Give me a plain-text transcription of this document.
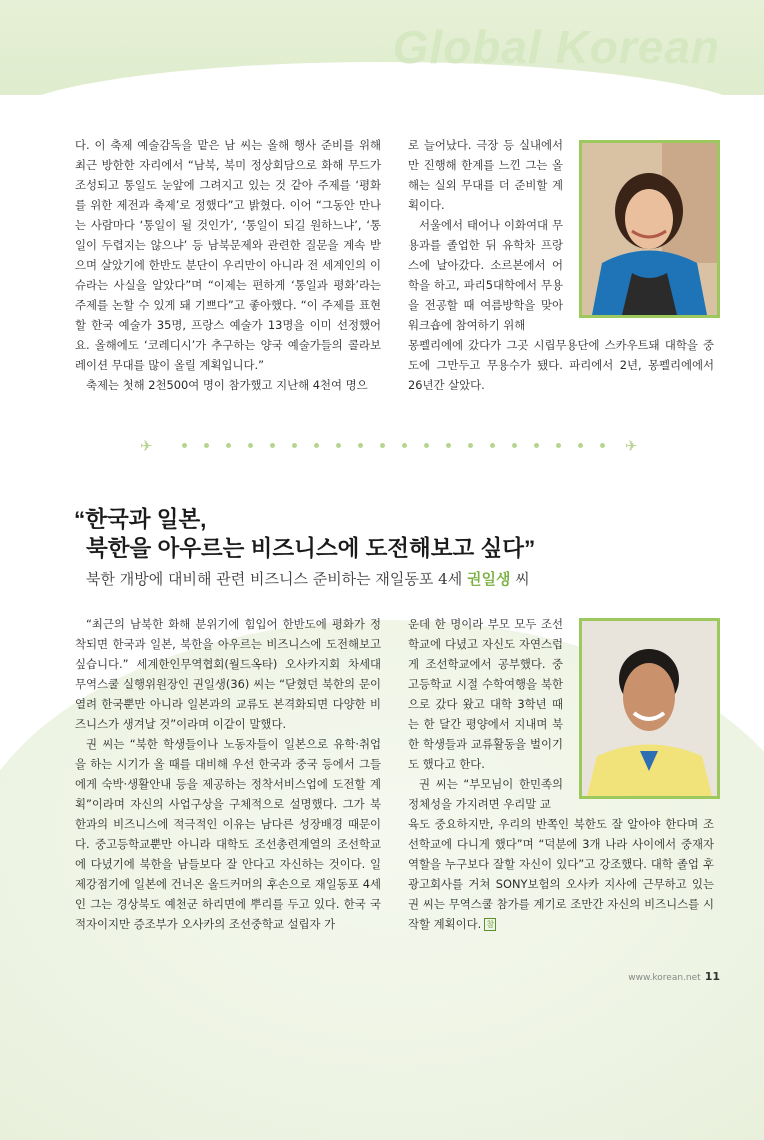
Global Korean

다. 이 축제 예술감독을 맡은 남 씨는 올해 행사 준비를 위해 최근 방한한 자리에서 “남북, 북미 정상회담으로 화해 무드가 조성되고 통일도 눈앞에 그려지고 있는 것 같아 주제를 ‘평화를 위한 제전과 축제’로 정했다”고 밝혔다. 이어 “그동안 만나는 사람마다 ‘통일이 될 것인가’, ‘통일이 되길 원하느냐’, ‘통일이 두렵지는 않으냐’ 등 남북문제와 관련한 질문을 계속 받으며 살았기에 한반도 분단이 우리만이 아니라 전 세계인의 이슈라는 사실을 알았다”며 “이제는 편하게 ‘통일과 평화’라는 주제를 논할 수 있게 돼 기쁘다”고 좋아했다. “이 주제를 표현할 한국 예술가 35명, 프랑스 예술가 13명을 이미 선정했어요. 올해에도 ‘코레디시’가 추구하는 양국 예술가들의 콜라보레이션 무대를 많이 올릴 계획입니다.”

축제는 첫해 2천500여 명이 참가했고 지난해 4천여 명으

로 늘어났다. 극장 등 실내에서만 진행해 한계를 느낀 그는 올해는 실외 무대를 더 준비할 계획이다.

서울에서 태어나 이화여대 무용과를 졸업한 뒤 유학차 프랑스에 날아갔다. 소르본에서 어학을 하고, 파리5대학에서 무용을 전공할 때 여름방학을 맞아 워크숍에 참여하기 위해

몽펠리에에 갔다가 그곳 시립무용단에 스카우트돼 대학을 중도에 그만두고 무용수가 됐다. 파리에서 2년, 몽펠리에에서 26년간 살았다.

✈	✈
“한국과 일본,
북한을 아우르는 비즈니스에 도전해보고 싶다”
북한 개방에 대비해 관련 비즈니스 준비하는 재일동포 4세 권일생 씨

“최근의 남북한 화해 분위기에 힘입어 한반도에 평화가 정착되면 한국과 일본, 북한을 아우르는 비즈니스에 도전해보고 싶습니다.” 세계한인무역협회(월드옥타) 오사카지회 차세대 무역스쿨 실행위원장인 권일생(36) 씨는 “닫혔던 북한의 문이 열려 한국뿐만 아니라 일본과의 교류도 본격화되면 다양한 비즈니스가 생겨날 것”이라며 이같이 말했다.

권 씨는 “북한 학생들이나 노동자들이 일본으로 유학·취업을 하는 시기가 올 때를 대비해 우선 한국과 중국 등에서 그들에게 숙박·생활안내 등을 제공하는 정착서비스업에 도전할 계획”이라며 자신의 사업구상을 구체적으로 설명했다. 그가 북한과의 비즈니스에 적극적인 이유는 남다른 성장배경 때문이다. 중고등학교뿐만 아니라 대학도 조선총련계열의 조선학교에 다녔기에 북한을 남들보다 잘 안다고 자신하는 것이다. 일제강점기에 일본에 건너온 올드커머의 후손으로 재일동포 4세인 그는 경상북도 예천군 하리면에 뿌리를 두고 있다. 한국 국적자이지만 증조부가 오사카의 조선중학교 설립자 가

운데 한 명이라 부모 모두 조선학교에 다녔고 자신도 자연스럽게 조선학교에서 공부했다. 중고등학교 시절 수학여행을 북한으로 갔다 왔고 대학 3학년 때는 한 달간 평양에서 지내며 북한 학생들과 교류활동을 벌이기도 했다고 한다.

권 씨는 “부모님이 한민족의 정체성을 가지려면 우리말 교

육도 중요하지만, 우리의 반쪽인 북한도 잘 알아야 한다며 조선학교에 다니게 했다”며 “덕분에 3개 나라 사이에서 중재자 역할을 누구보다 잘할 자신이 있다”고 강조했다. 대학 졸업 후 광고회사를 거쳐 SONY보험의 오사카 지사에 근무하고 있는 권 씨는 무역스쿨 참가를 계기로 조만간 자신의 비즈니스를 시작할 계획이다. 참

www.korean.net 11
